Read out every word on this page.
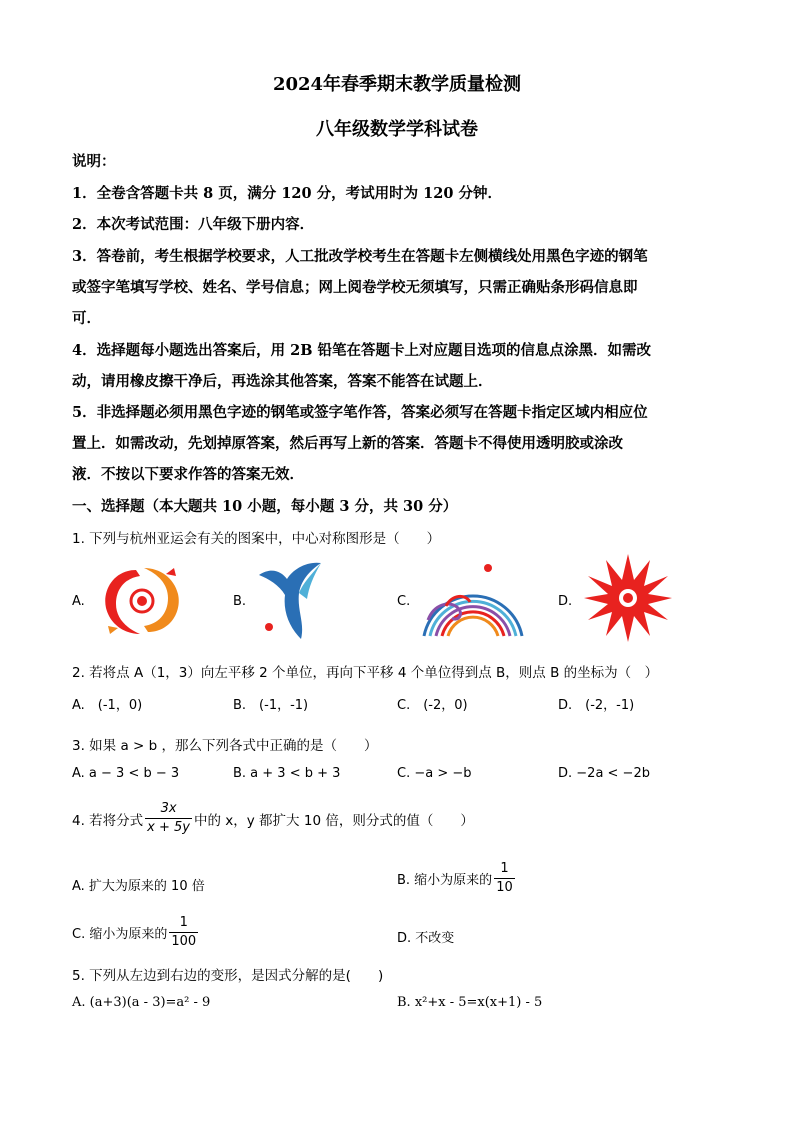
2024年春季期末教学质量检测
八年级数学学科试卷
说明：
1．全卷含答题卡共 8 页，满分 120 分，考试用时为 120 分钟．
2．本次考试范围：八年级下册内容．
3．答卷前，考生根据学校要求，人工批改学校考生在答题卡左侧横线处用黑色字迹的钢笔
或签字笔填写学校、姓名、学号信息；网上阅卷学校无须填写，只需正确贴条形码信息即
可．
4．选择题每小题选出答案后，用 2B 铅笔在答题卡上对应题目选项的信息点涂黑．如需改
动，请用橡皮擦干净后，再选涂其他答案，答案不能答在试题上．
5．非选择题必须用黑色字迹的钢笔或签字笔作答，答案必须写在答题卡指定区域内相应位
置上．如需改动，先划掉原答案，然后再写上新的答案．答题卡不得使用透明胶或涂改
液．不按以下要求作答的答案无效．
一、选择题（本大题共 10 小题，每小题 3 分，共 30 分）
1. 下列与杭州亚运会有关的图案中，中心对称图形是（　　）
A.	B.	C.	D.
2. 若将点 A（1，3）向左平移 2 个单位，再向下平移 4 个单位得到点 B，则点 B 的坐标为（　）
A.　(-1，0)	B.　(-1，-1)	C.　(-2，0)	D.　(-2，-1)
3. 如果 a > b ，那么下列各式中正确的是（　　）
A. a − 3 < b − 3	B. a + 3 < b + 3	C. −a > −b	D. −2a < −2b
4. 若将分式 $\frac{3x}{x + 5y}$ 中的 x，y 都扩大 10 倍，则分式的值（　　）
A. 扩大为原来的 10 倍	B. 缩小为原来的 $\frac{1}{10}$
C. 缩小为原来的 $\frac{1}{100}$	D. 不改变
5. 下列从左边到右边的变形，是因式分解的是(　　)
A. (a+3)(a - 3)=a² - 9	B. x²+x - 5=x(x+1) - 5
